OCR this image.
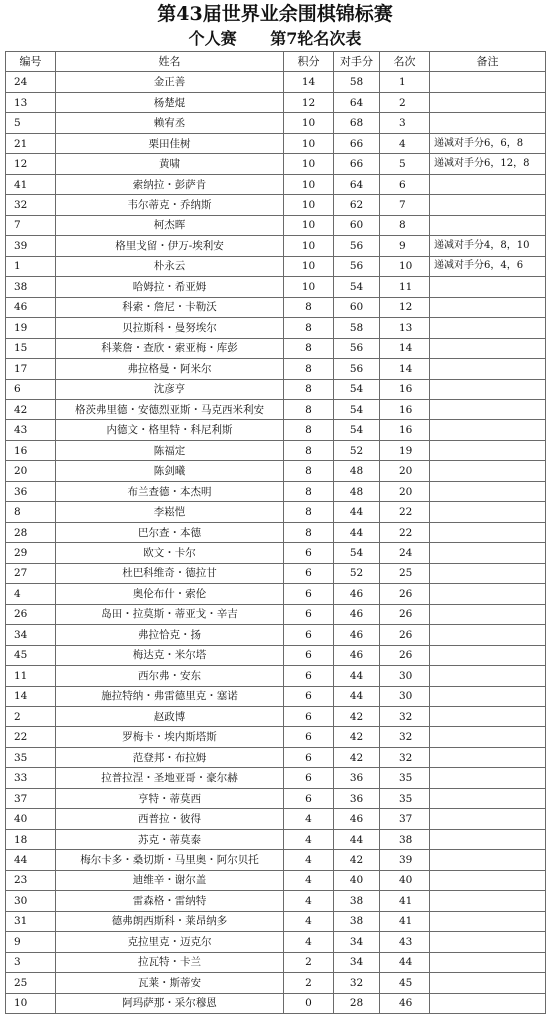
第43届世界业余围棋锦标赛
个人赛 第7轮名次表
编号	姓名	积分	对手分	名次	备注
24	金正善	14	58	1	
13	杨楚焜	12	64	2	
5	赖宥丞	10	68	3	
21	栗田佳树	10	66	4	递减对手分6，6，8
12	黄啸	10	66	5	递减对手分6，12，8
41	索纳拉・彭萨肯	10	64	6	
32	韦尔蒂克・乔纳斯	10	62	7	
7	柯杰晖	10	60	8	
39	格里戈留・伊万-埃利安	10	56	9	递减对手分4，8，10
1	朴永云	10	56	10	递减对手分6，4，6
38	哈姆拉・希亚姆	10	54	11	
46	科索・詹尼・卡勒沃	8	60	12	
19	贝拉斯科・曼努埃尔	8	58	13	
15	科莱詹・查欣・索亚梅・库彭	8	56	14	
17	弗拉格曼・阿米尔	8	56	14	
6	沈彦亨	8	54	16	
42	格茨弗里德・安德烈亚斯・马克西米利安	8	54	16	
43	内德文・格里特・科尼利斯	8	54	16	
16	陈福定	8	52	19	
20	陈剑曦	8	48	20	
36	布兰查德・本杰明	8	48	20	
8	李崧恺	8	44	22	
28	巴尔查・本德	8	44	22	
29	欧文・卡尔	6	54	24	
27	杜巴科维奇・德拉甘	6	52	25	
4	奥伦布什・索伦	6	46	26	
26	岛田・拉莫斯・蒂亚戈・辛吉	6	46	26	
34	弗拉恰克・扬	6	46	26	
45	梅达克・米尔塔	6	46	26	
11	西尔弗・安东	6	44	30	
14	施拉特纳・弗雷德里克・塞诺	6	44	30	
2	赵政博	6	42	32	
22	罗梅卡・埃内斯塔斯	6	42	32	
35	范登邦・布拉姆	6	42	32	
33	拉普拉涅・圣地亚哥・豪尔赫	6	36	35	
37	亨特・蒂莫西	6	36	35	
40	西普拉・彼得	4	46	37	
18	苏克・蒂莫泰	4	44	38	
44	梅尔卡多・桑切斯・马里奥・阿尔贝托	4	42	39	
23	迪维辛・谢尔盖	4	40	40	
30	雷森格・雷纳特	4	38	41	
31	德弗朗西斯科・莱昂纳多	4	38	41	
9	克拉里克・迈克尔	4	34	43	
3	拉瓦特・卡兰	2	34	44	
25	瓦莱・斯蒂安	2	32	45	
10	阿玛萨那・采尔穆恩	0	28	46	
